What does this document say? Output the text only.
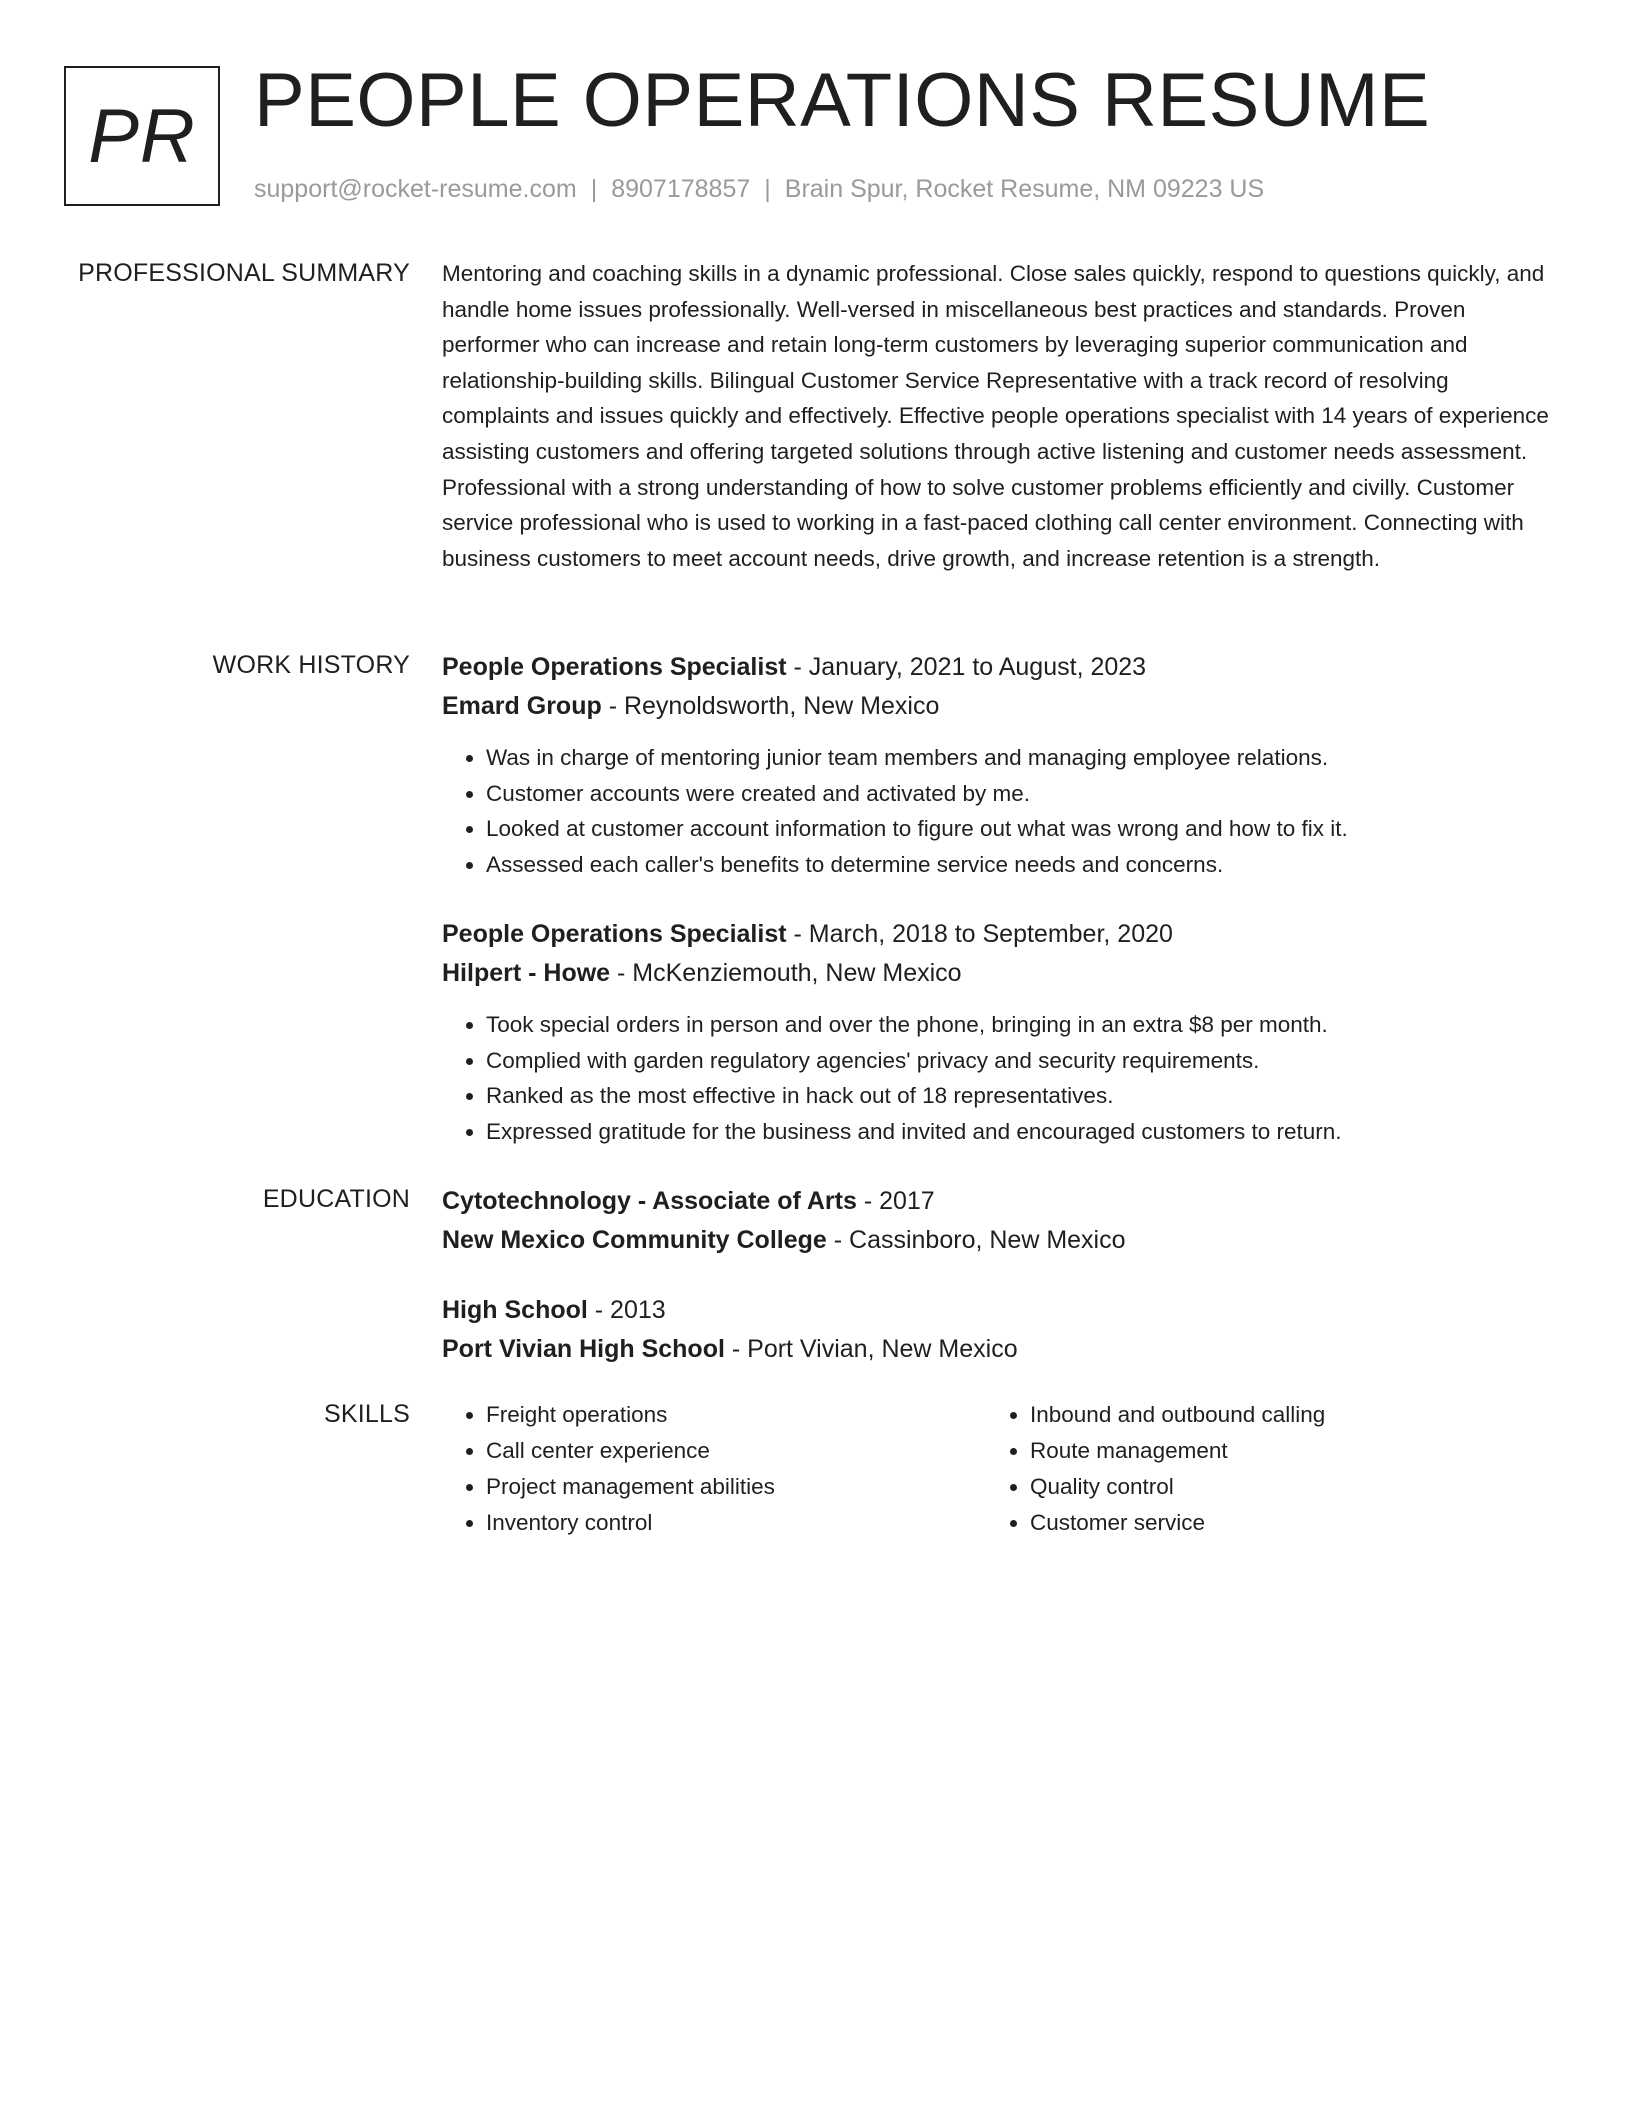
PR PEOPLE OPERATIONS RESUME
support@rocket-resume.com | 8907178857 | Brain Spur, Rocket Resume, NM 09223 US
PROFESSIONAL SUMMARY Mentoring and coaching skills in a dynamic professional. Close sales quickly, respond to questions quickly, and handle home issues professionally. Well-versed in miscellaneous best practices and standards. Proven performer who can increase and retain long-term customers by leveraging superior communication and relationship-building skills. Bilingual Customer Service Representative with a track record of resolving complaints and issues quickly and effectively. Effective people operations specialist with 14 years of experience assisting customers and offering targeted solutions through active listening and customer needs assessment. Professional with a strong understanding of how to solve customer problems efficiently and civilly. Customer service professional who is used to working in a fast-paced clothing call center environment. Connecting with business customers to meet account needs, drive growth, and increase retention is a strength.

WORK HISTORY People Operations Specialist - January, 2021 to August, 2023

Emard Group - Reynoldsworth, New Mexico

• Was in charge of mentoring junior team members and managing employee relations.
• Customer accounts were created and activated by me.
• Looked at customer account information to figure out what was wrong and how to fix it.
• Assessed each caller's benefits to determine service needs and concerns.

People Operations Specialist - March, 2018 to September, 2020

Hilpert - Howe - McKenziemouth, New Mexico

• Took special orders in person and over the phone, bringing in an extra $8 per month.
• Complied with garden regulatory agencies' privacy and security requirements.
• Ranked as the most effective in hack out of 18 representatives.
• Expressed gratitude for the business and invited and encouraged customers to return.
EDUCATION Cytotechnology - Associate of Arts - 2017

New Mexico Community College - Cassinboro, New Mexico

High School - 2013

Port Vivian High School - Port Vivian, New Mexico

SKILLS
•	Freight operations
• Call center experience
• Project management abilities
• Inventory control
• Inbound and outbound calling
• Route management
• Quality control
• Customer service
